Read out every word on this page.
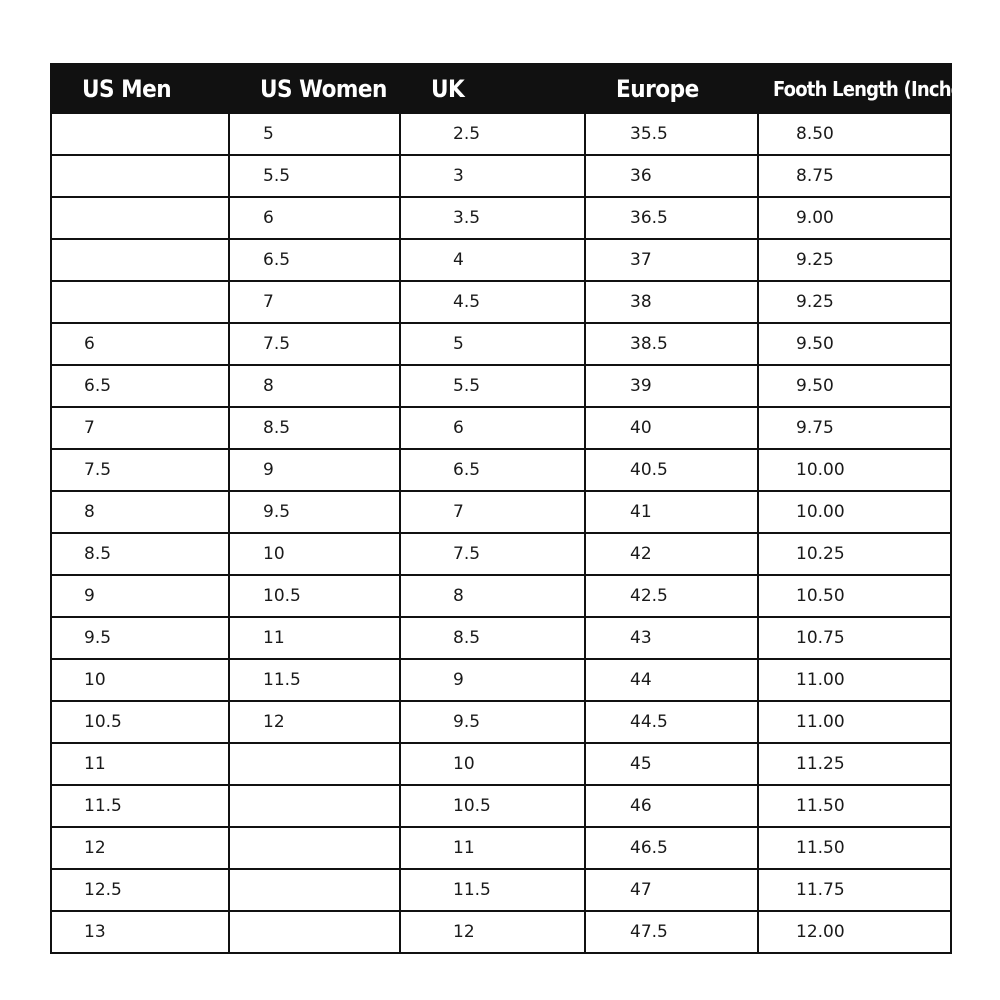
US Men	US Women	UK	Europe	Footh Length (Inches)
	5	2.5	35.5	8.50
	5.5	3	36	8.75
	6	3.5	36.5	9.00
	6.5	4	37	9.25
	7	4.5	38	9.25
6	7.5	5	38.5	9.50
6.5	8	5.5	39	9.50
7	8.5	6	40	9.75
7.5	9	6.5	40.5	10.00
8	9.5	7	41	10.00
8.5	10	7.5	42	10.25
9	10.5	8	42.5	10.50
9.5	11	8.5	43	10.75
10	11.5	9	44	11.00
10.5	12	9.5	44.5	11.00
11		10	45	11.25
11.5		10.5	46	11.50
12		11	46.5	11.50
12.5		11.5	47	11.75
13		12	47.5	12.00
